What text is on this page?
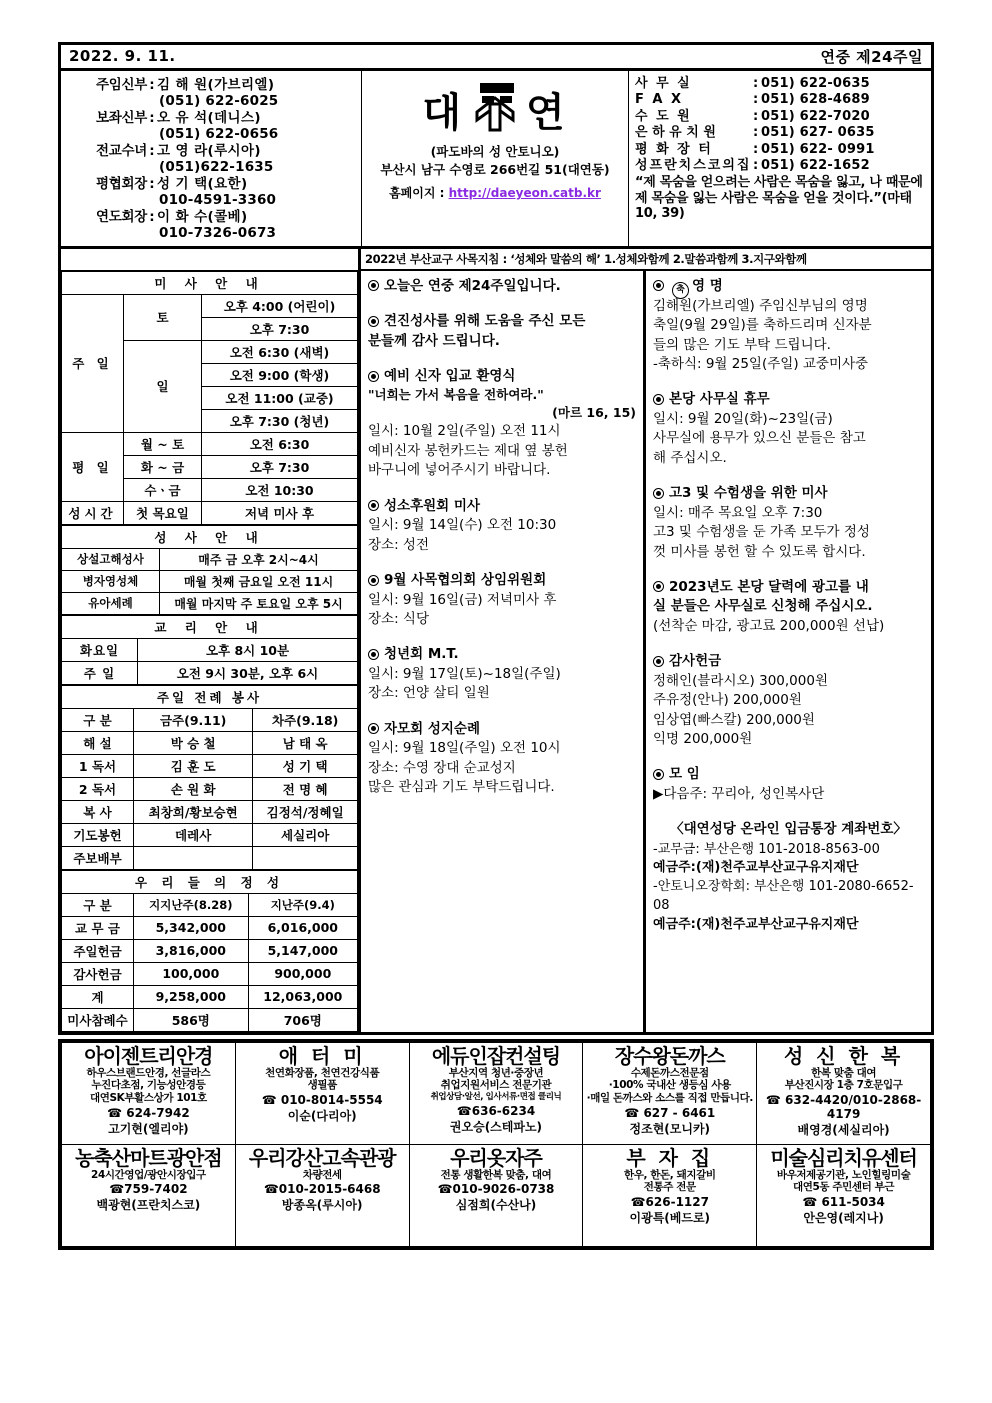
2022. 9. 11.	연중 제24주일
주임신부 : 김 해 원(가브리엘)
(051) 622-6025
보좌신부 : 오 유 석(데니스)
(051) 622-0656
전교수녀 : 고 영 라(루시아)
(051)622-1635
평협회장 : 성 기 택(요한)
010-4591-3360
연도회장 : 이 화 수(콜베)
010-7326-0673
대 연
(파도바의 성 안토니오)
부산시 남구 수영로 266번길 51(대연동)
홈페이지 : http://daeyeon.catb.kr
사 무 실	: 051) 622-0635
F A X	: 051) 628-4689
수 도 원	: 051) 622-7020
은 하 유 치 원	: 051) 627- 0635
평 화 장 터	: 051) 622- 0991
성프란치스코의집 : 051) 622-1652
“제 목숨을 얻으려는 사람은 목숨을 잃고, 나 때문에 제 목숨을 잃는 사람은 목숨을 얻을 것이다.”(마태 10, 39)

2022년 부산교구 사목지침 : ‘성체와 말씀의 해’ 1.성체와함께 2.말씀과함께 3.지구와함께
미 사 안 내		
주 일	토	오후 4:00 (어린이)
		오후 7:30
	일	오전 6:30 (새벽)
		오전 9:00 (학생)
		오전 11:00 (교중)
		오후 7:30 (청년)
평 일	월 ~ 토	오전 6:30
	화 ~ 금	오후 7:30
	수ㆍ금	오전 10:30
성시간	첫 목요일	저녁 미사 후
성 사 안 내	
상설고해성사	매주 금 오후 2시~4시
병자영성체	매월 첫째 금요일 오전 11시
유아세례	매월 마지막 주 토요일 오후 5시
교 리 안 내	
화요일	오후 8시 10분
주 일	오전 9시 30분, 오후 6시
주일 전례 봉사		
구 분	금주(9.11)	차주(9.18)
해 설	박 승 철	남 태 옥
1 독서	김 훈 도	성 기 택
2 독서	손 원 화	전 명 혜
복 사	최창희/황보승현	김정석/정혜일
기도봉헌	데레사	세실리아
주보배부		
우 리 들 의 정 성		
구 분	지지난주(8.28)	지난주(9.4)
교 무 금	5,342,000	6,016,000
주일헌금	3,816,000	5,147,000
감사헌금	100,000	900,000
계	9,258,000	12,063,000
미사참례수	586명	706명
오늘은 연중 제24주일입니다.
견진성사를 위해 도움을 주신 모든
분들께 감사 드립니다.
예비 신자 입교 환영식
"너희는 가서 복음을 전하여라."
(마르 16, 15)
일시: 10월 2일(주일) 오전 11시
예비신자 봉헌카드는 제대 옆 봉헌
바구니에 넣어주시기 바랍니다.
성소후원회 미사
일시: 9월 14일(수) 오전 10:30
장소: 성전
9월 사목협의회 상임위원회
일시: 9월 16일(금) 저녁미사 후
장소: 식당
청년회 M.T.
일시: 9월 17일(토)~18일(주일)
장소: 언양 살티 일원
자모회 성지순례
일시: 9월 18일(주일) 오전 10시
장소: 수영 장대 순교성지
많은 관심과 기도 부탁드립니다.
축 영 명
김해원(가브리엘) 주임신부님의 영명
축일(9월 29일)를 축하드리며 신자분
들의 많은 기도 부탁 드립니다.
-축하식: 9월 25일(주일) 교중미사중
본당 사무실 휴무
일시: 9월 20일(화)~23일(금)
사무실에 용무가 있으신 분들은 참고
해 주십시오.
고3 및 수험생을 위한 미사
일시: 매주 목요일 오후 7:30
고3 및 수험생을 둔 가족 모두가 정성
껏 미사를 봉헌 할 수 있도록 합시다.
2023년도 본당 달력에 광고를 내
실 분들은 사무실로 신청해 주십시오.
(선착순 마감, 광고료 200,000원 선납)
감사헌금
정해인(블라시오) 300,000원
주유정(안나) 200,000원
임상엽(빠스칼) 200,000원
익명 200,000원
모 임
▶다음주: 꾸리아, 성인복사단
〈대연성당 온라인 입금통장 계좌번호〉
-교무금: 부산은행 101-2018-8563-00
예금주:(재)천주교부산교구유지재단
-안토니오장학회: 부산은행 101-2080-6652-08
예금주:(재)천주교부산교구유지재단
아이젠트리안경
하우스브랜드안경, 선글라스
누진다초점, 기능성안경등
대연SK부활스상가 101호
☎ 624-7942
고기현(엘리야)

애 터 미
천연화장품, 천연건강식품
생필품
☎ 010-8014-5554
이순(다리아)

에듀인잡컨설팅
부산지역 청년·중장년
취업지원서비스 전문기관
취업상담·알선, 입사서류·면접 클리닉
☎636-6234
권오승(스테파노)

장수왕돈까스
수제돈까스전문점
·100% 국내산 생등심 사용
·매일 돈까스와 소스를 직접 만듭니다.
☎ 627 - 6461
정조현(모니카)

성 신 한 복
한복 맞춤 대여
부산진시장 1층 7호문입구
☎ 632-4420/010-2868-4179
배영경(세실리아)

농축산마트광안점
24시간영업/광안시장입구
☎759-7402
백광현(프란치스코)

우리강산고속관광
차량전세
☎010-2015-6468
방종옥(루시아)

우리옷자주
전통 생활한복 맞춤, 대여
☎010-9026-0738
심점희(수산나)

부 자 집
한우, 한돈, 돼지갈비
전통주 전문
☎626-1127
이광특(베드로)

미술심리치유센터
바우저제공기관, 노인힐링미술
대연5동 주민센터 부근
☎ 611-5034
안은영(레지나)
